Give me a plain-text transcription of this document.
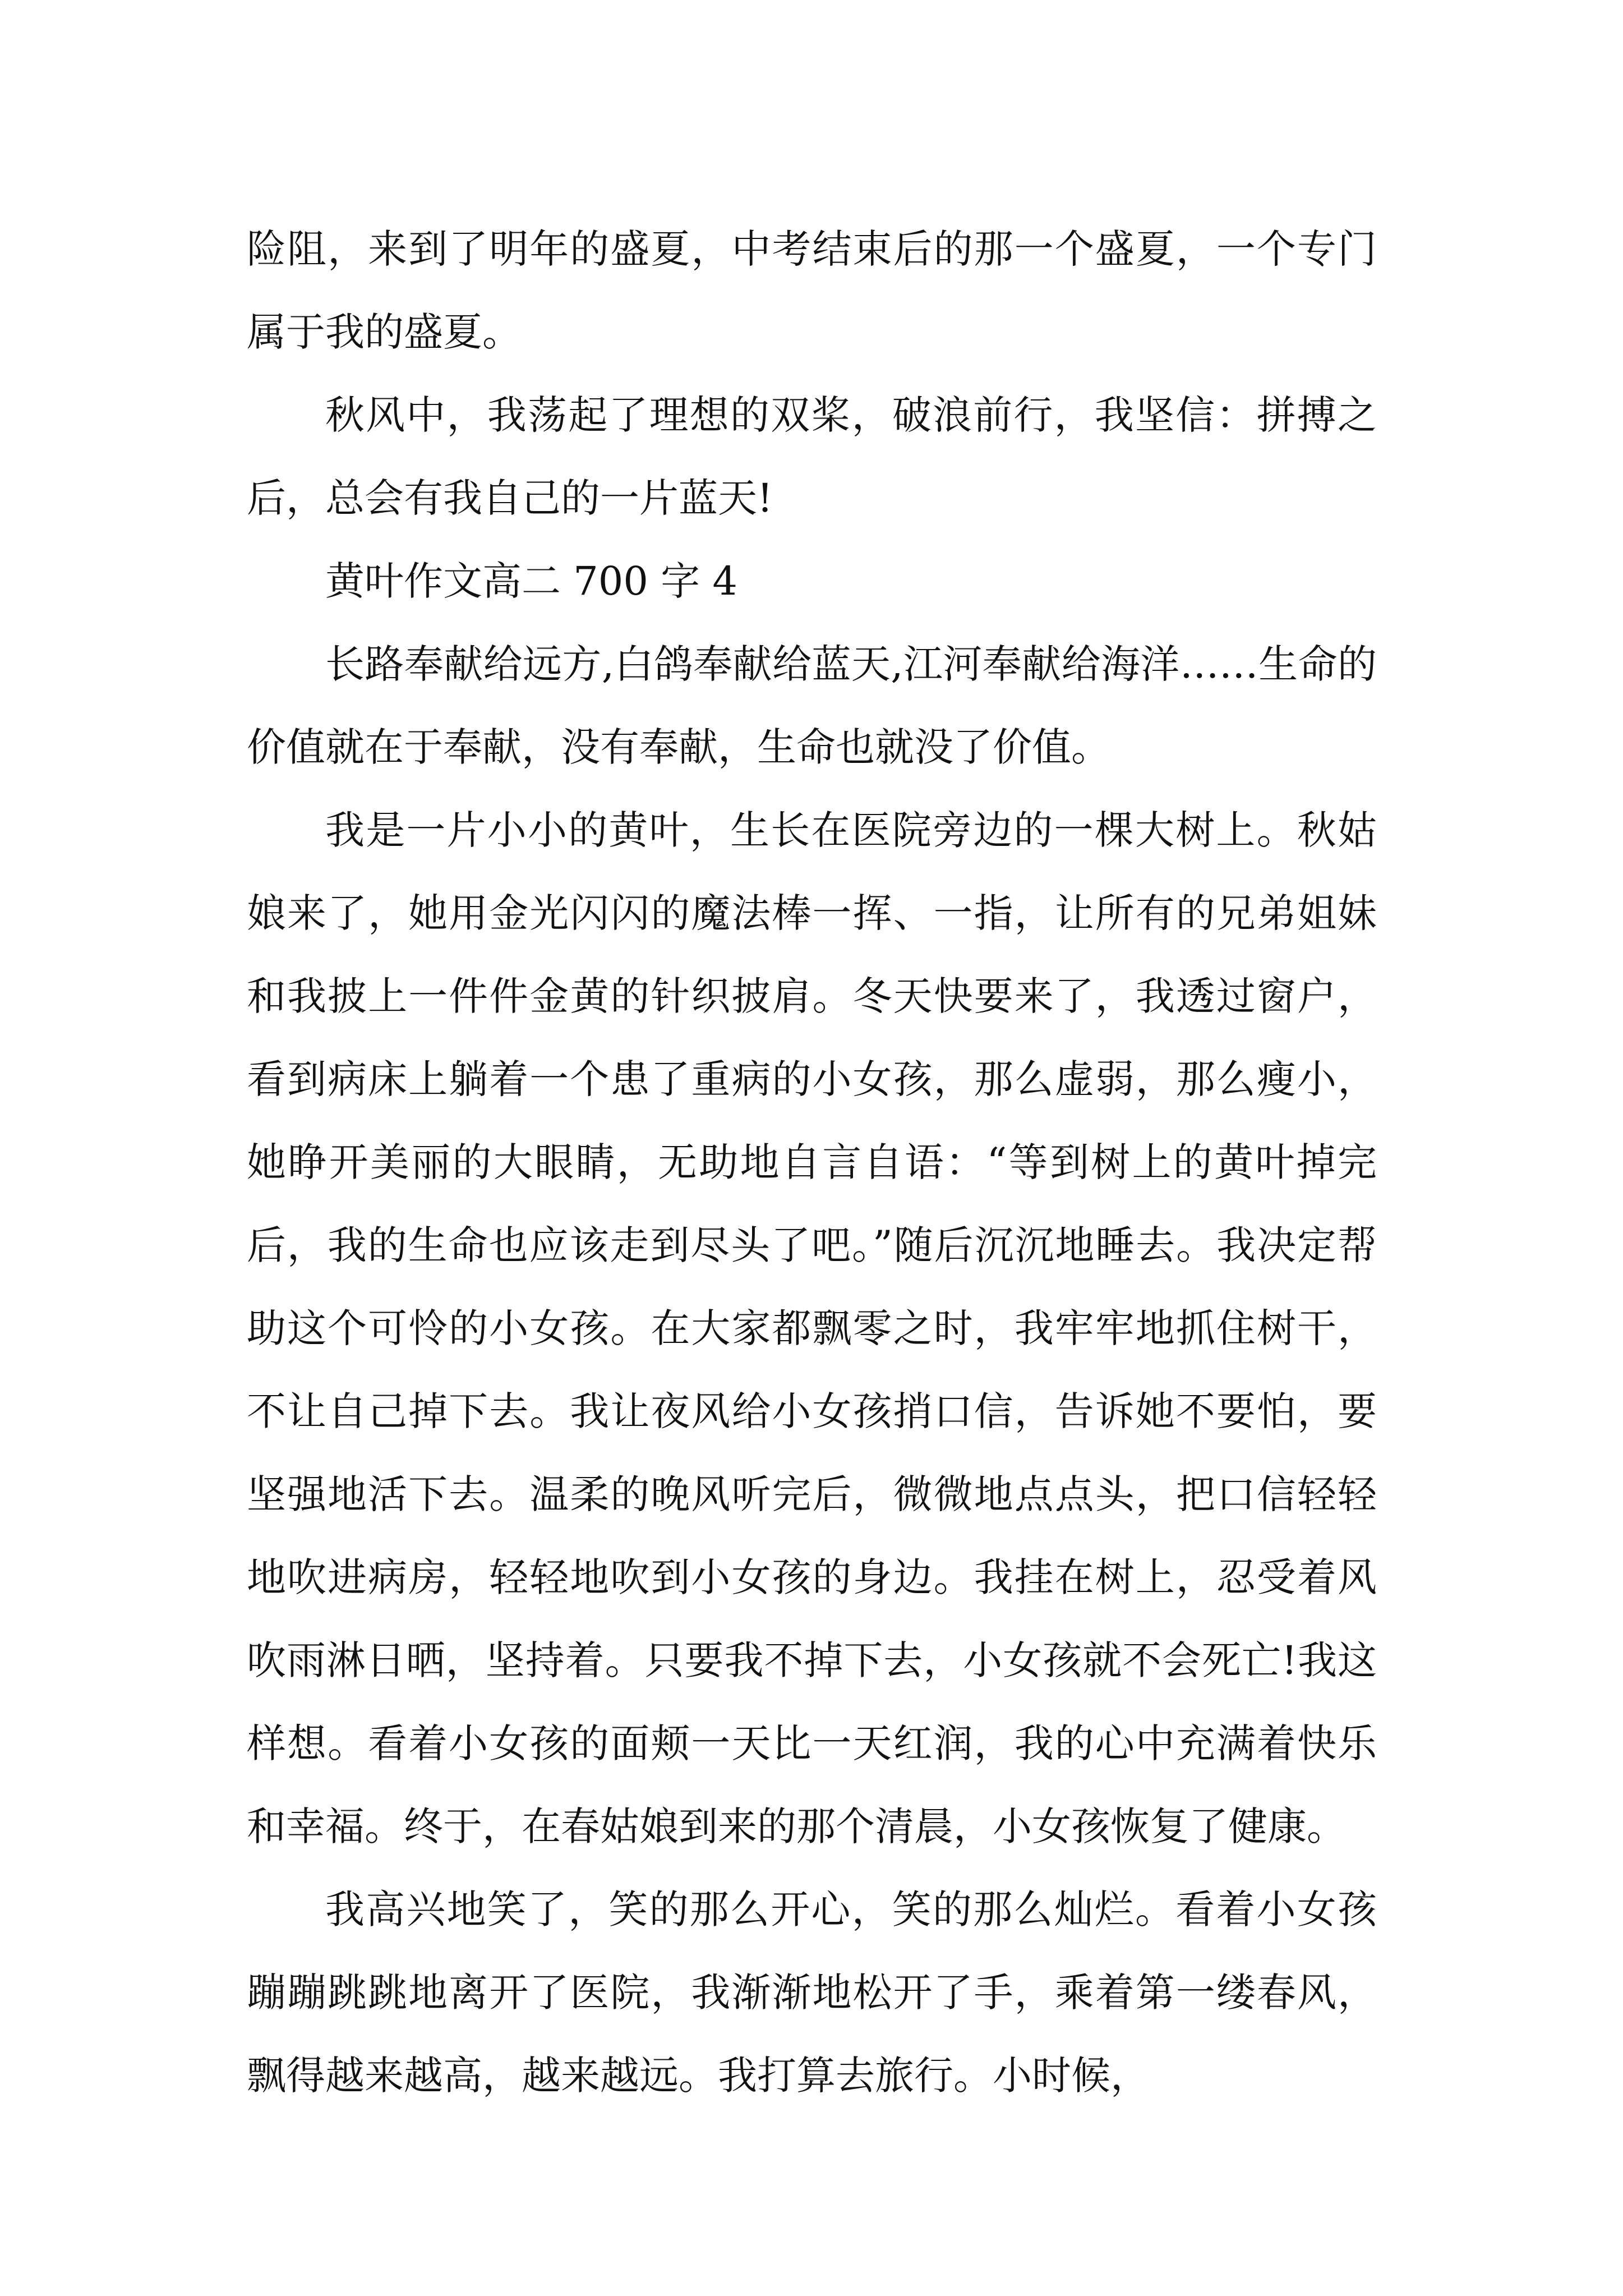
险阻，来到了明年的盛夏，中考结束后的那一个盛夏，一个专门属于我的盛夏。

秋风中，我荡起了理想的双桨，破浪前行，我坚信：拼搏之后，总会有我自己的一片蓝天!

黄叶作文高二 700 字 4

长路奉献给远方,白鸽奉献给蓝天,江河奉献给海洋……生命的价值就在于奉献，没有奉献，生命也就没了价值。

我是一片小小的黄叶，生长在医院旁边的一棵大树上。秋姑娘来了，她用金光闪闪的魔法棒一挥、一指，让所有的兄弟姐妹和我披上一件件金黄的针织披肩。冬天快要来了，我透过窗户，看到病床上躺着一个患了重病的小女孩，那么虚弱，那么瘦小，她睁开美丽的大眼睛，无助地自言自语：“等到树上的黄叶掉完后，我的生命也应该走到尽头了吧。”随后沉沉地睡去。我决定帮助这个可怜的小女孩。在大家都飘零之时，我牢牢地抓住树干，不让自己掉下去。我让夜风给小女孩捎口信，告诉她不要怕，要坚强地活下去。温柔的晚风听完后，微微地点点头，把口信轻轻地吹进病房，轻轻地吹到小女孩的身边。我挂在树上，忍受着风吹雨淋日晒，坚持着。只要我不掉下去，小女孩就不会死亡!我这样想。看着小女孩的面颊一天比一天红润，我的心中充满着快乐和幸福。终于，在春姑娘到来的那个清晨，小女孩恢复了健康。

我高兴地笑了，笑的那么开心，笑的那么灿烂。看着小女孩蹦蹦跳跳地离开了医院，我渐渐地松开了手，乘着第一缕春风，飘得越来越高，越来越远。我打算去旅行。小时候，
